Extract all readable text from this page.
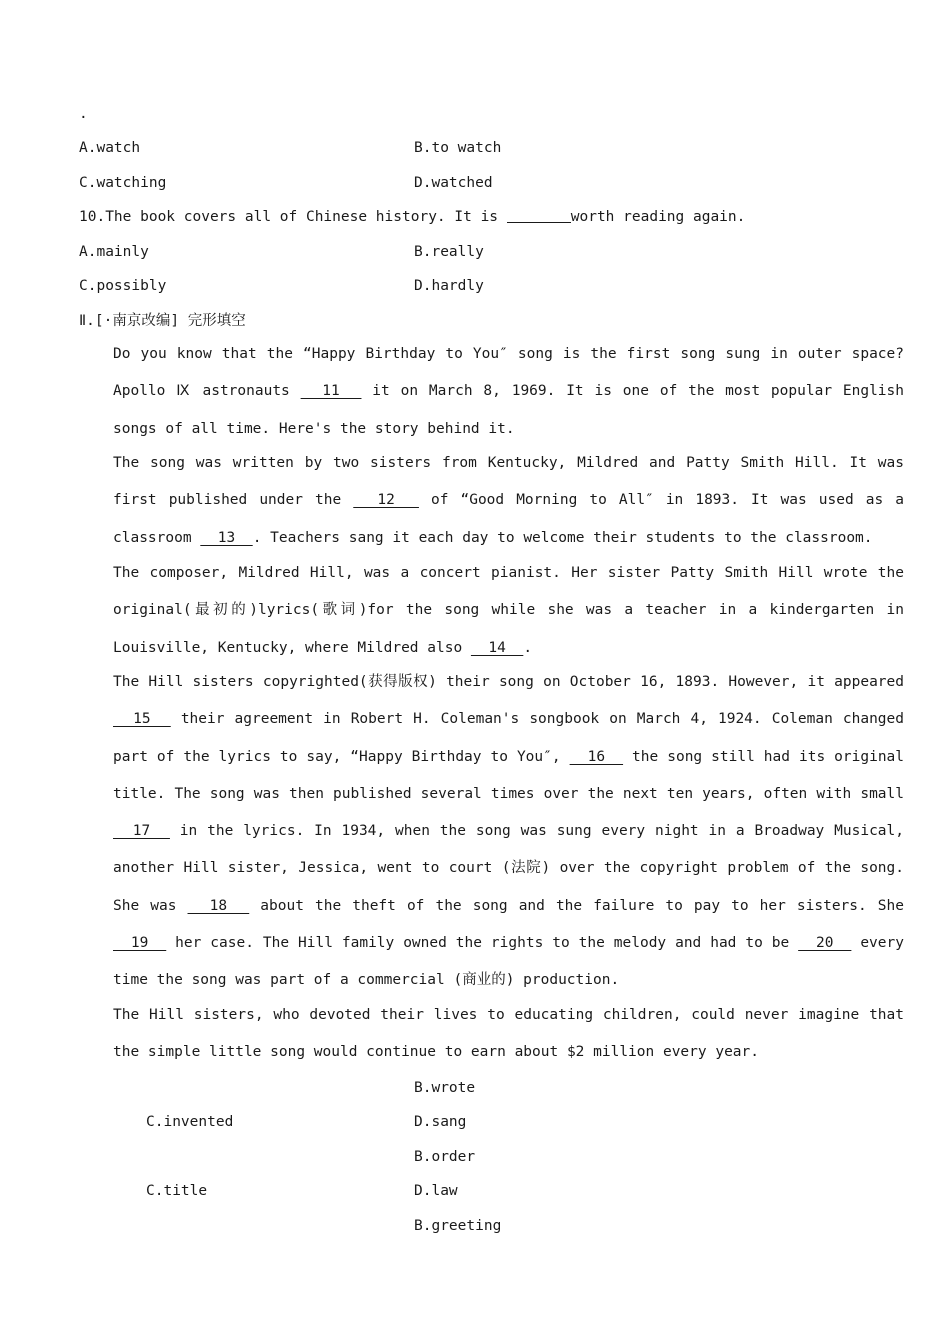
.
A.watch	B.to watch
C.watching	D.watched
10.The book covers all of Chinese history. It is	worth reading again.
A.mainly	B.really
C.possibly	D.hardly
Ⅱ.[·南京改编] 完形填空
Do you know that the “Happy Birthday to You″ song is the first song sung in outer space? Apollo Ⅸ astronauts   11   it on March 8, 1969. It is one of the most popular English songs of all time. Here's the story behind it.
The song was written by two sisters from Kentucky, Mildred and Patty Smith Hill. It was first published under the   12   of “Good Morning to All″ in 1893. It was used as a classroom   13  . Teachers sang it each day to welcome their students to the classroom.
The composer, Mildred Hill, was a concert pianist. Her sister Patty Smith Hill wrote the original(最初的)lyrics(歌词)for the song while she was a teacher in a kindergarten in Louisville, Kentucky, where Mildred also   14  .
The Hill sisters copyrighted(获得版权) their song on October 16, 1893. However, it appeared   15   their agreement in Robert H. Coleman's songbook on March 4, 1924. Coleman changed part of the lyrics to say, “Happy Birthday to You″,   16   the song still had its original title. The song was then published several times over the next ten years, often with small   17   in the lyrics. In 1934, when the song was sung every night in a Broadway Musical, another Hill sister, Jessica, went to court (法院) over the copyright problem of the song. She was   18   about the theft of the song and the failure to pay to her sisters. She   19   her case. The Hill family owned the rights to the melody and had to be   20   every time the song was part of a commercial (商业的) production.
The Hill sisters, who devoted their lives to educating children, could never imagine that the simple little song would continue to earn about $2 million every year.
B.wrote
C.invented	D.sang
B.order
C.title	D.law
B.greeting
